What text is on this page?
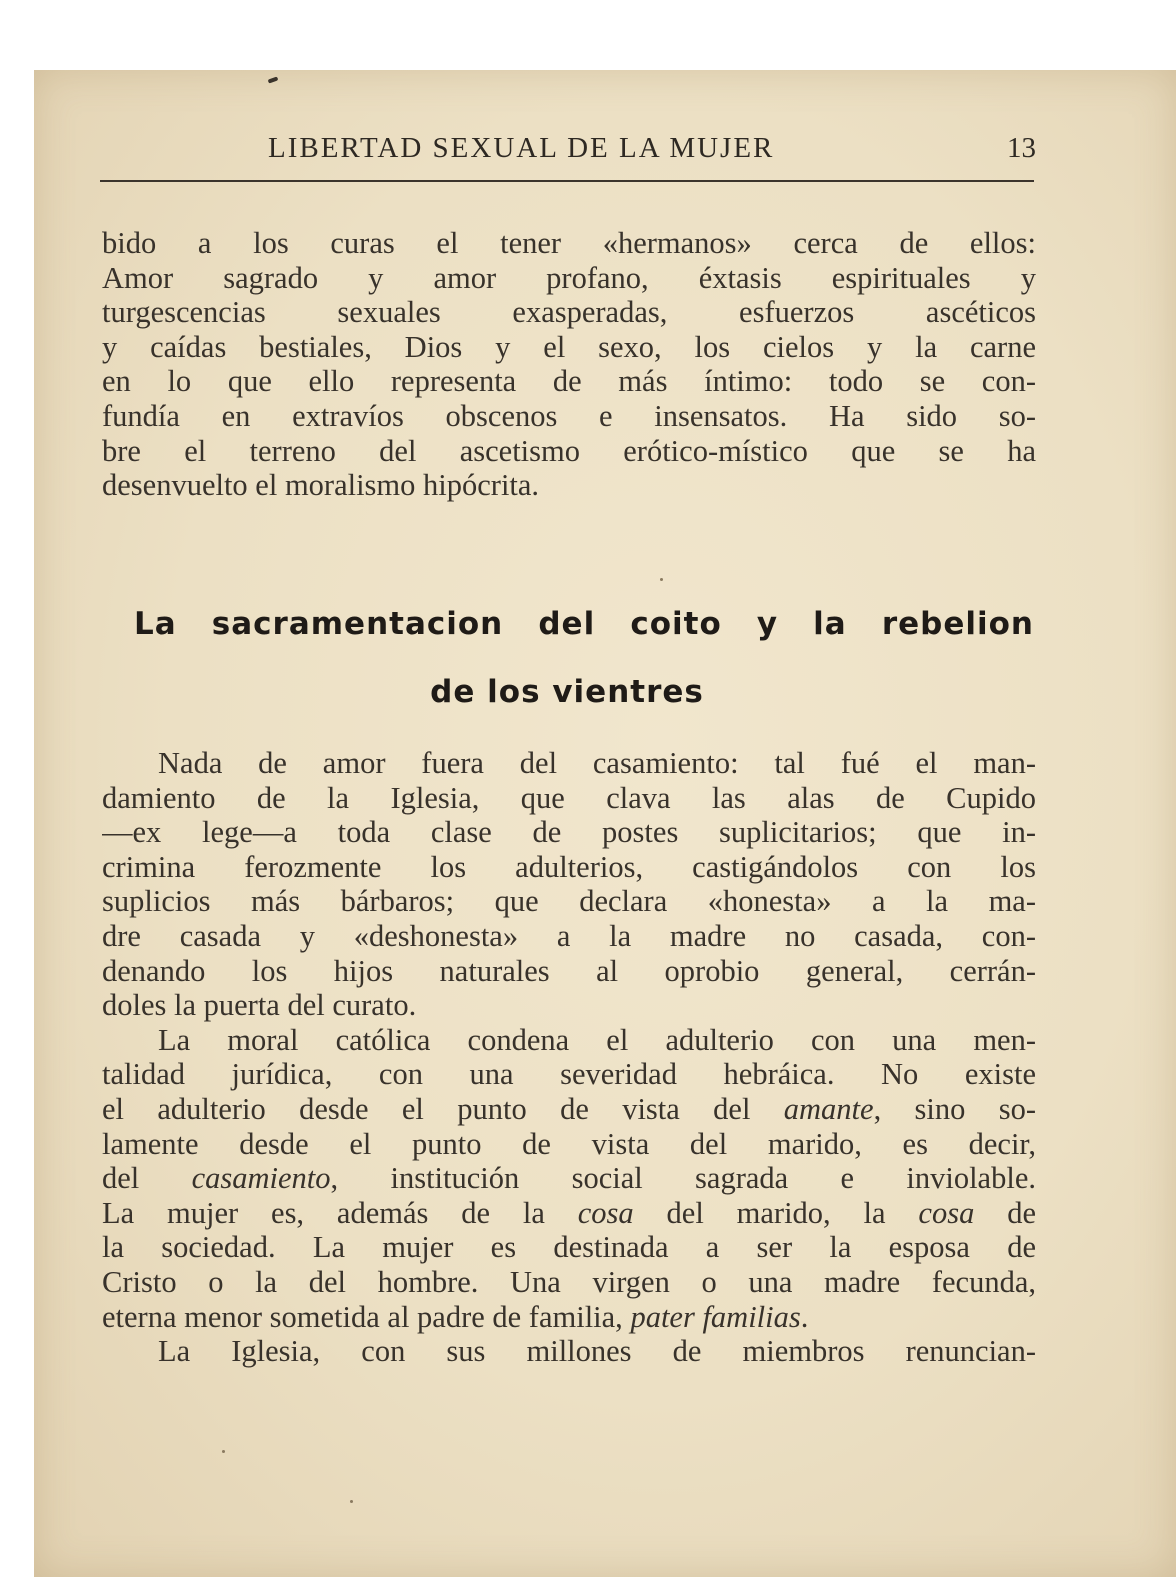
LIBERTAD SEXUAL DE LA MUJER	13
bido a los curas el tener «hermanos» cerca de ellos:
Amor sagrado y amor profano, éxtasis espirituales y
turgescencias sexuales exasperadas, esfuerzos ascéticos
y caídas bestiales, Dios y el sexo, los cielos y la carne
en lo que ello representa de más íntimo: todo se con-
fundía en extravíos obscenos e insensatos. Ha sido so-
bre el terreno del ascetismo erótico-místico que se ha
desenvuelto el moralismo hipócrita.
La sacramentacion del coito y la rebelion
de los vientres
Nada de amor fuera del casamiento: tal fué el man-
damiento de la Iglesia, que clava las alas de Cupido
—ex lege—a toda clase de postes suplicitarios; que in-
crimina ferozmente los adulterios, castigándolos con los
suplicios más bárbaros; que declara «honesta» a la ma-
dre casada y «deshonesta» a la madre no casada, con-
denando los hijos naturales al oprobio general, cerrán-
doles la puerta del curato.
La moral católica condena el adulterio con una men-
talidad jurídica, con una severidad hebráica. No existe
el adulterio desde el punto de vista del amante, sino so-
lamente desde el punto de vista del marido, es decir,
del casamiento, institución social sagrada e inviolable.
La mujer es, además de la cosa del marido, la cosa de
la sociedad. La mujer es destinada a ser la esposa de
Cristo o la del hombre. Una virgen o una madre fecunda,
eterna menor sometida al padre de familia, pater familias.
La Iglesia, con sus millones de miembros renuncian-
